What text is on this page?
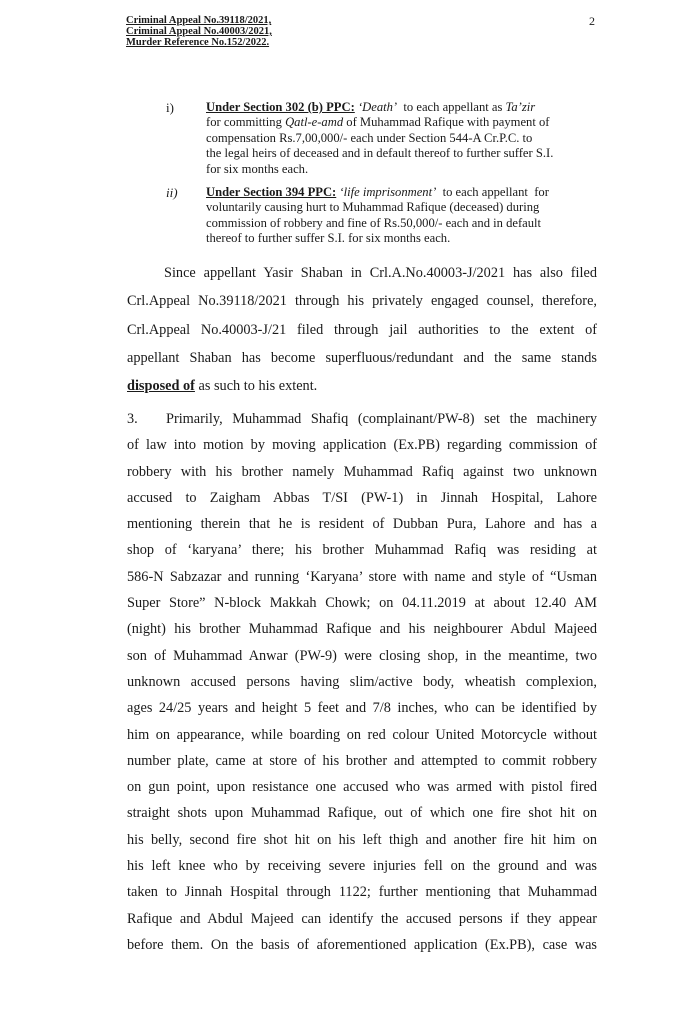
Criminal Appeal No.39118/2021,
Criminal Appeal No.40003/2021,
Murder Reference No.152/2022.
2
i)	Under Section 302 (b) PPC: ‘Death’  to each appellant as Ta’zir
for committing Qatl-e-amd of Muhammad Rafique with payment of
compensation Rs.7,00,000/- each under Section 544-A Cr.P.C. to
the legal heirs of deceased and in default thereof to further suffer S.I.
for six months each.
ii) Under Section 394 PPC: ‘life imprisonment’  to each appellant  for
voluntarily causing hurt to Muhammad Rafique (deceased) during
commission of robbery and fine of Rs.50,000/- each and in default
thereof to further suffer S.I. for six months each.
Since appellant Yasir Shaban in Crl.A.No.40003-J/2021 has also filed
Crl.Appeal No.39118/2021 through his privately engaged counsel, therefore,
Crl.Appeal No.40003-J/21 filed through jail authorities to the extent of
appellant Shaban has become superfluous/redundant and the same stands
disposed of as such to his extent.
3. Primarily, Muhammad Shafiq (complainant/PW-8) set the machinery
of law into motion by moving application (Ex.PB) regarding commission of
robbery with his brother namely Muhammad Rafiq against two unknown
accused to Zaigham Abbas T/SI (PW-1) in Jinnah Hospital, Lahore
mentioning therein that he is resident of Dubban Pura, Lahore and has a
shop of ‘karyana’ there; his brother Muhammad Rafiq was residing at
586-N Sabzazar and running ‘Karyana’ store with name and style of “Usman
Super Store” N-block Makkah Chowk; on 04.11.2019 at about 12.40 AM
(night) his brother Muhammad Rafique and his neighbourer Abdul Majeed
son of Muhammad Anwar (PW-9) were closing shop, in the meantime, two
unknown accused persons having slim/active body, wheatish complexion,
ages 24/25 years and height 5 feet and 7/8 inches, who can be identified by
him on appearance, while boarding on red colour United Motorcycle without
number plate, came at store of his brother and attempted to commit robbery
on gun point, upon resistance one accused who was armed with pistol fired
straight shots upon Muhammad Rafique, out of which one fire shot hit on
his belly, second fire shot hit on his left thigh and another fire hit him on
his left knee who by receiving severe injuries fell on the ground and was
taken to Jinnah Hospital through 1122; further mentioning that Muhammad
Rafique and Abdul Majeed can identify the accused persons if they appear
before them. On the basis of aforementioned application (Ex.PB), case was
